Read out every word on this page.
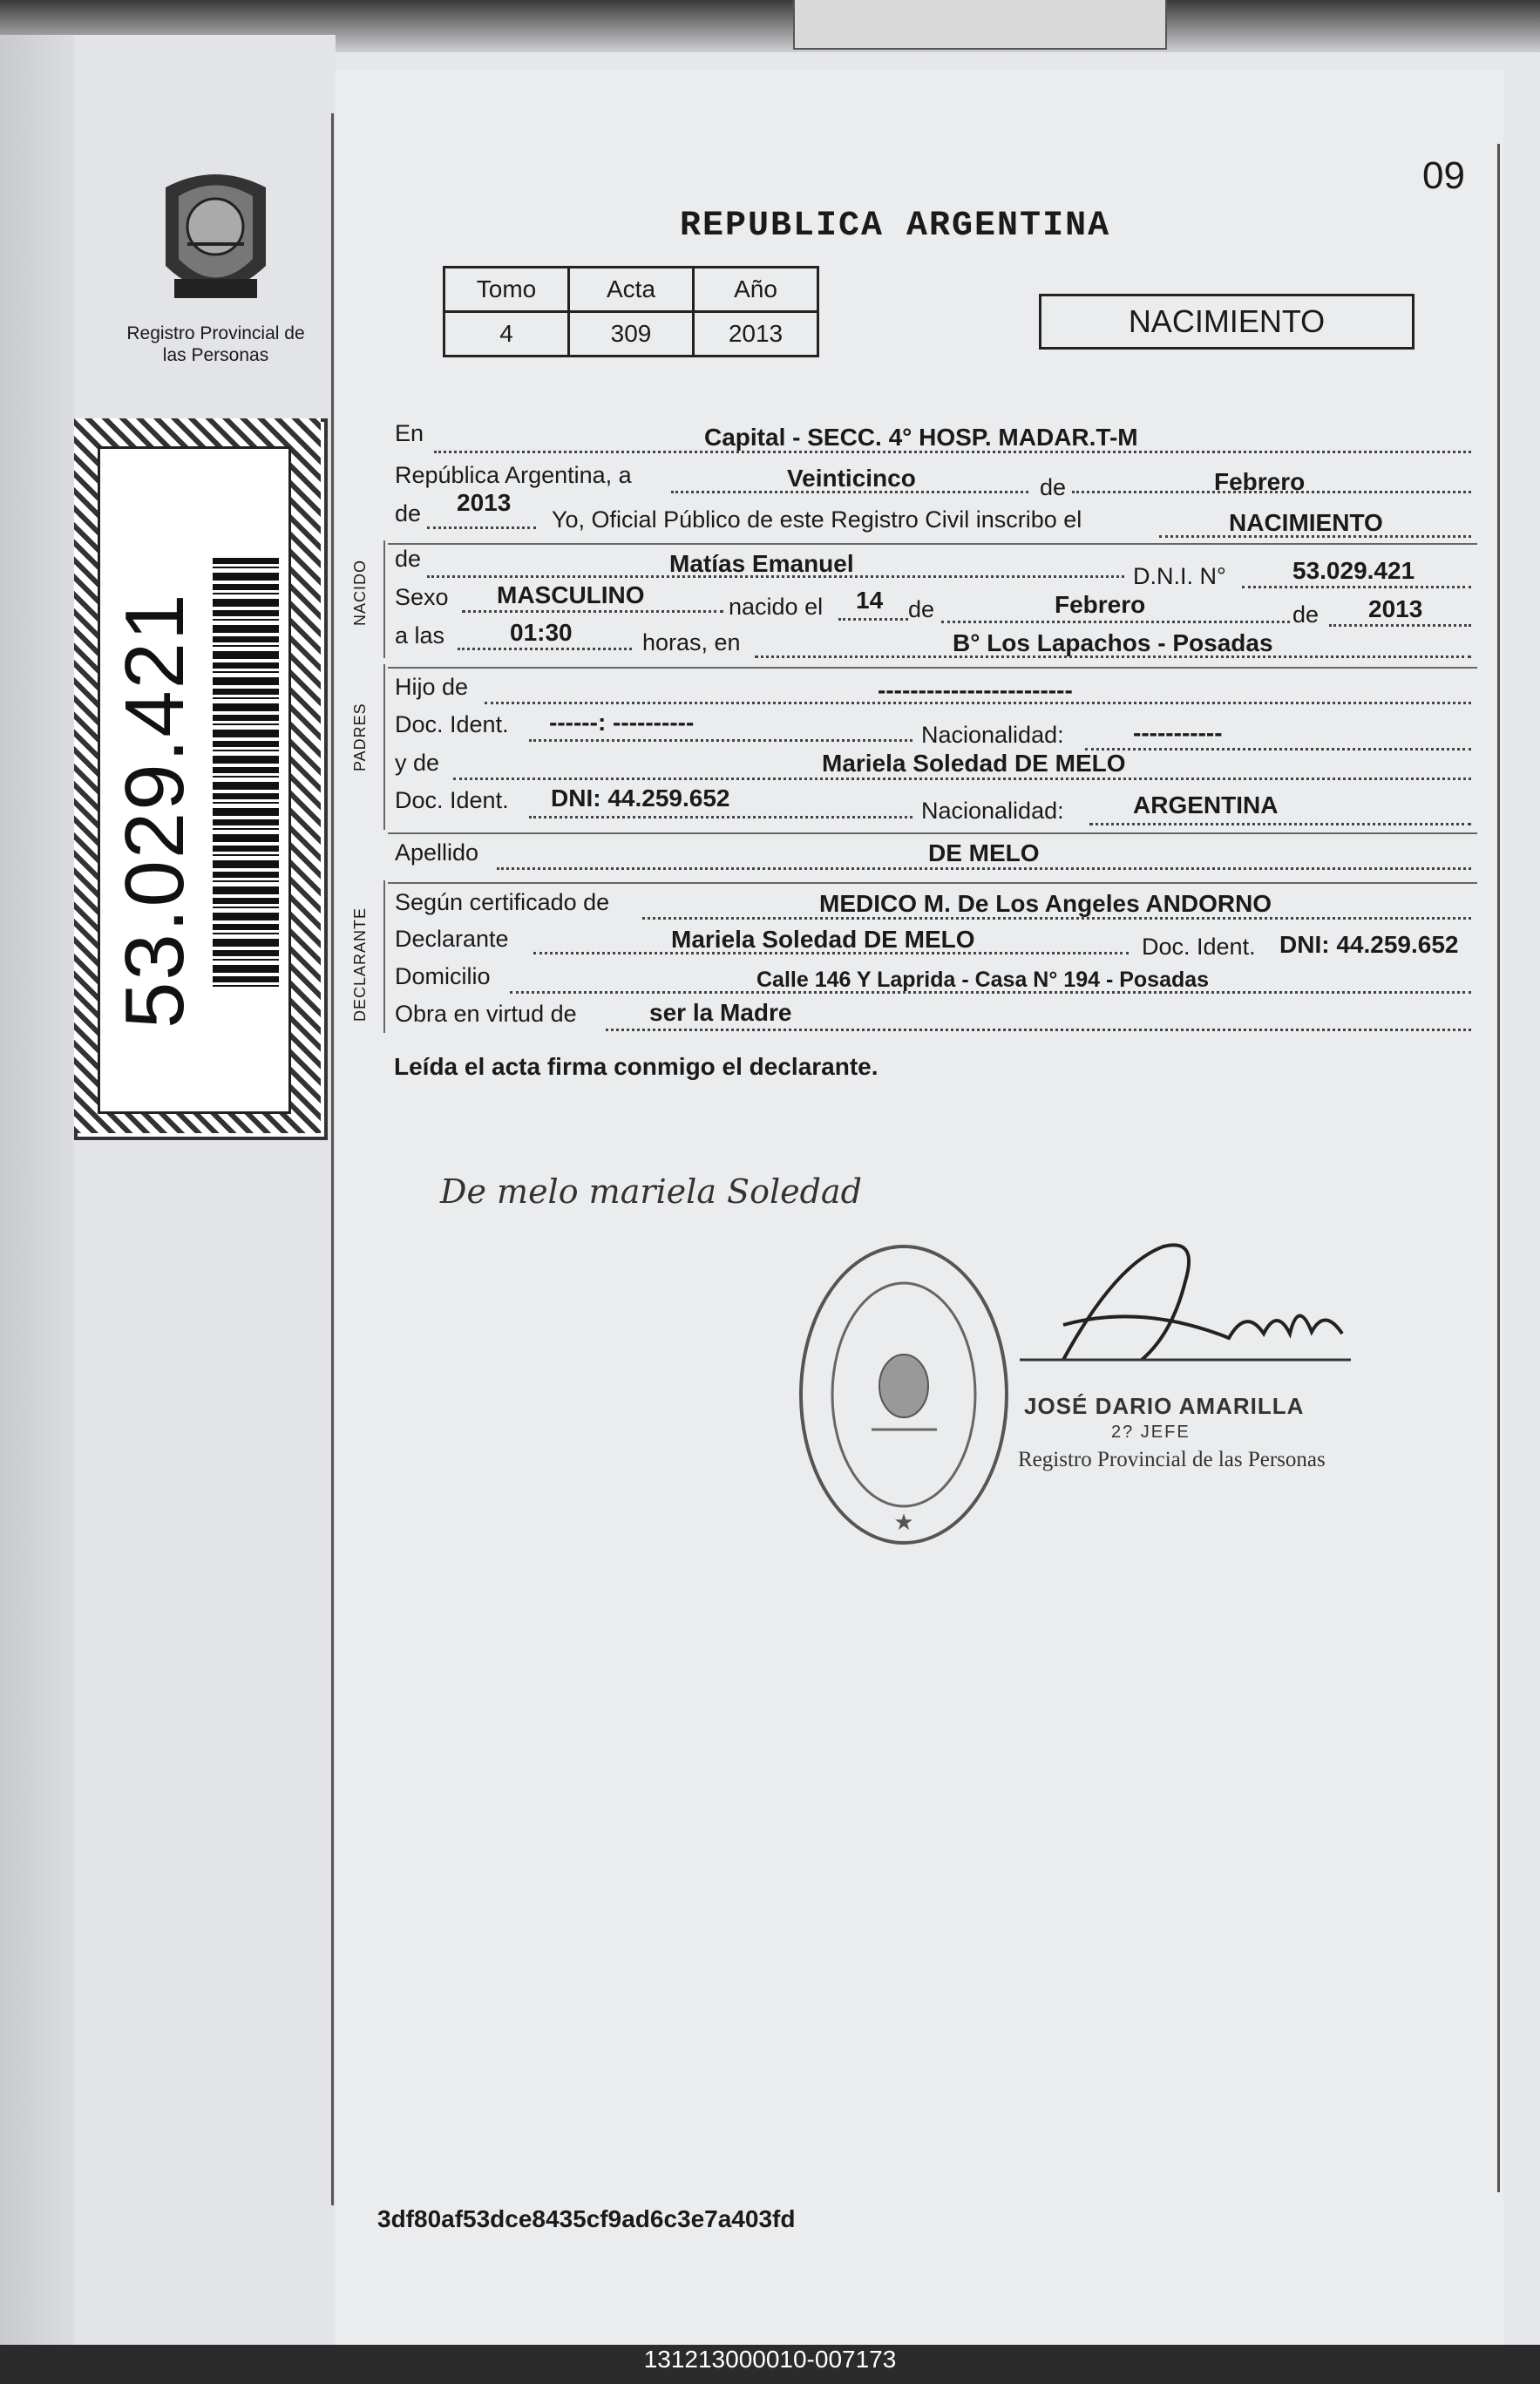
Registro Provincial de las Personas
53.029.421
09
REPUBLICA ARGENTINA
Tomo	Acta	Año
4	309	2013	NACIMIENTO
En	Capital - SECC. 4° HOSP. MADAR.T-M
República Argentina, a	Veinticinco	de	Febrero
de 2013
Yo, Oficial Público de este Registro Civil inscribo el	NACIMIENTO
NACIDO
de	Matías Emanuel	D.N.I. N°	53.029.421
Sexo MASCULINO	nacido el 14 de	Febrero	de 2013
a las	01:30	horas, en	B° Los Lapachos - Posadas
PADRES
Hijo de	------------------------
Doc. Ident. ------: ----------	Nacionalidad:	-----------
y de	Mariela Soledad DE MELO
Doc. Ident. DNI: 44.259.652	Nacionalidad:	ARGENTINA
Apellido	DE MELO
DECLARANTE
Según certificado de	MEDICO M. De Los Angeles ANDORNO
Declarante	Mariela Soledad DE MELO	Doc. Ident. DNI: 44.259.652
Domicilio	Calle 146 Y Laprida - Casa N° 194 - Posadas
Obra en virtud de	ser la Madre
Leída el acta firma conmigo el declarante.
De melo mariela Soledad
★
JOSÉ DARIO AMARILLA
2? JEFE
Registro Provincial de las Personas
3df80af53dce8435cf9ad6c3e7a403fd
131213000010-007173
